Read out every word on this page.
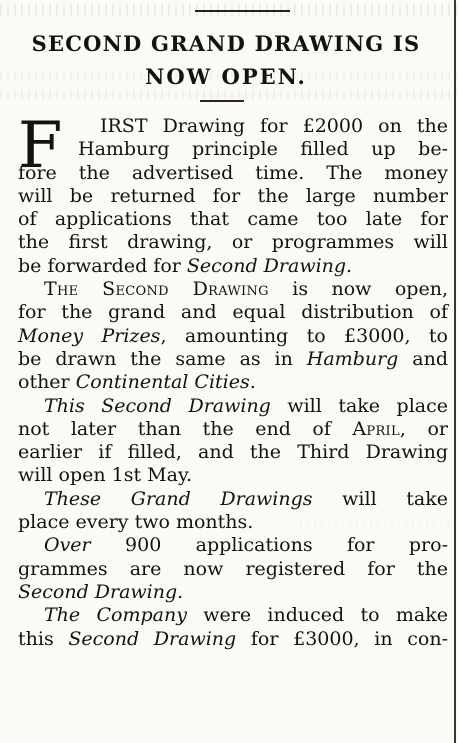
SECOND GRAND DRAWING IS
NOW OPEN.
F	IRST Drawing for £2000 on the
Hamburg principle filled up be-
fore the advertised time. The money
will be returned for the large number
of applications that came too late for
the first drawing, or programmes will
be forwarded for Second Drawing.
The Second Drawing is now open,
for the grand and equal distribution of
Money Prizes, amounting to £3000, to
be drawn the same as in Hamburg and
other Continental Cities.
This Second Drawing will take place
not later than the end of April, or
earlier if filled, and the Third Drawing
will open 1st May.
These Grand Drawings will take
place every two months.
Over 900 applications for pro-
grammes are now registered for the
Second Drawing.
The Company were induced to make
this Second Drawing for £3000, in con-
